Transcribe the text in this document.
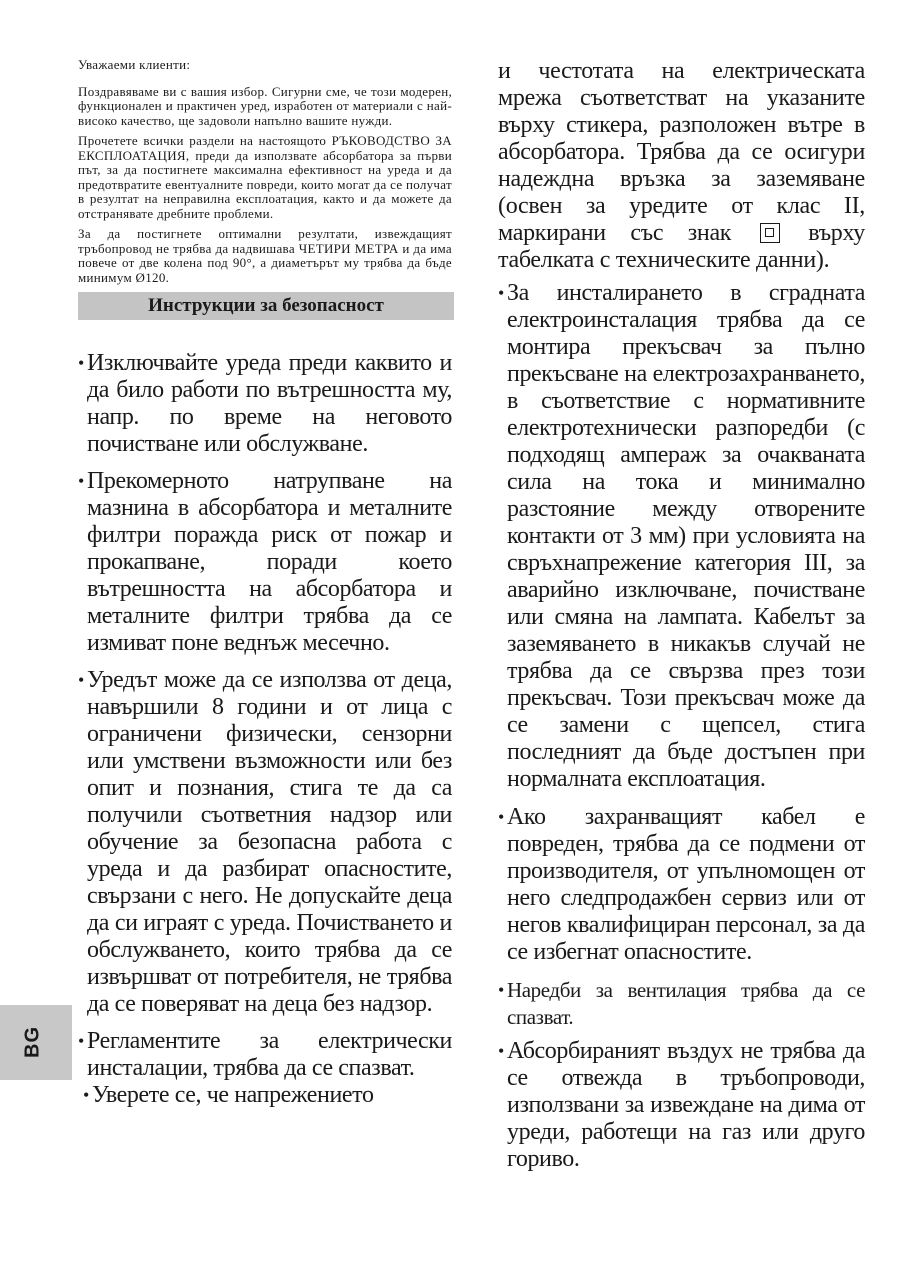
BG

Уважаеми клиенти:

Поздравяваме ви с вашия избор. Сигурни сме, че този модерен, функционален и практичен уред, изработен от материали с най-високо качество, ще задоволи напълно вашите нужди.

Прочетете всички раздели на настоящото РЪКОВОДСТВО ЗА ЕКСПЛОАТАЦИЯ, преди да използвате абсорбатора за първи път, за да постигнете максимална ефективност на уреда и да предотвратите евентуалните повреди, които могат да се получат в резултат на неправилна експлоатация, както и да можете да отстранявате дребните проблеми.

За да постигнете оптимални резултати, извеждащият тръбопровод не трябва да надвишава ЧЕТИРИ МЕТРА и да има повече от две колена под 90°, а диаметърът му трябва да бъде минимум Ø120.

Инструкции за безопасност
• Изключвайте уреда преди каквито и да било работи по вътрешността му, напр. по време на неговото почистване или обслужване.
• Прекомерното натрупване на мазнина в абсорбатора и металните филтри поражда риск от пожар и прокапване, поради което вътрешността на абсорбатора и металните филтри трябва да се измиват поне веднъж месечно.
• Уредът може да се използва от деца, навършили 8 години и от лица с ограничени физически, сензорни или умствени възможности или без опит и познания, стига те да са получили съответния надзор или обучение за безопасна работа с уреда и да разбират опасностите, свързани с него. Не допускайте деца да си играят с уреда. Почистването и обслужването, които трябва да се извършват от потребителя, не трябва да се поверяват на деца без надзор.
• Регламентите за електрически инсталации, трябва да се спазват.
• Уверете се, че напрежението

и честотата на електрическата мрежа съответстват на указаните върху стикера, разположен вътре в абсорбатора. Трябва да се осигури надеждна връзка за заземяване (освен за уредите от клас II, маркирани със знак	върху табелката с техническите данни).

• За инсталирането в сградната електроинсталация трябва да се монтира прекъсвач за пълно прекъсване на електрозахранването, в съответствие с нормативните електротехнически разпоредби (с подходящ ампераж за очакваната сила на тока и минимално разстояние между отворените контакти от 3 мм) при условията на свръхнапрежение категория III, за аварийно изключване, почистване или смяна на лампата. Кабелът за заземяването в никакъв случай не трябва да се свързва през този прекъсвач. Този прекъсвач може да се замени с щепсел, стига последният да бъде достъпен при нормалната експлоатация.
• Ако захранващият кабел е повреден, трябва да се подмени от производителя, от упълномощен от него следпродажбен сервиз или от негов квалифициран персонал, за да се избегнат опасностите.
• Наредби за вентилация трябва да се спазват.
• Абсорбираният въздух не трябва да се отвежда в тръбопроводи, използвани за извеждане на дима от уреди, работещи на газ или друго гориво.
